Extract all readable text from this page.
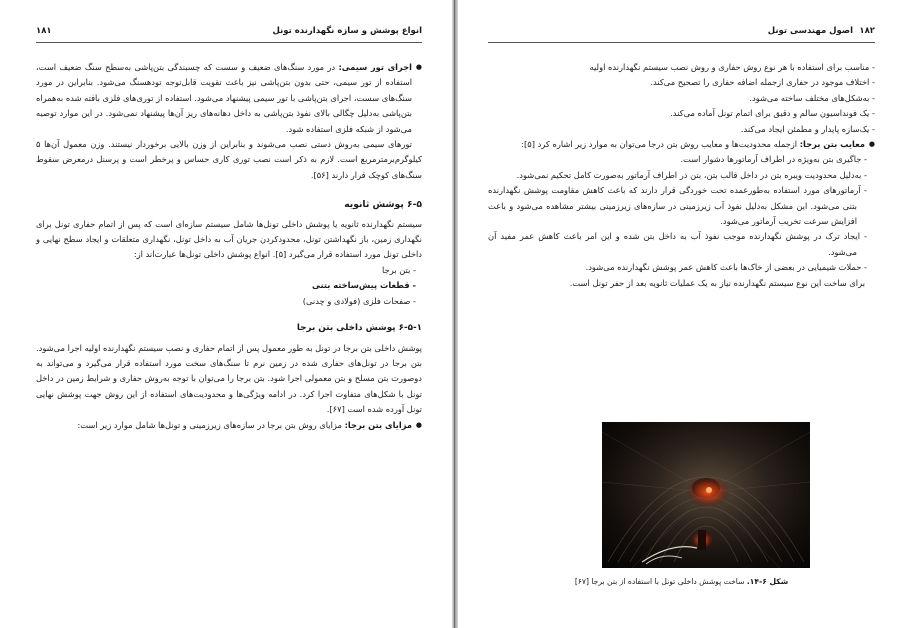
انواع پوشش و سازه نگهدارنده تونل
۱۸۱

● اجرای تور سیمی: در مورد سنگ‌های ضعیف و سست که چسبندگی بتن‌پاشی به‌سطح سنگ ضعیف است، استفاده از تور سیمی، حتی بدون بتن‌پاشی نیز باعث تقویت قابل‌توجه تودهسنگ می‌شود. بنابراین در مورد سنگ‌های سست، اجرای بتن‌پاشی با تور سیمی پیشنهاد می‌شود. استفاده از توری‌های فلزی بافته شده به‌همراه بتن‌پاشی به‌دلیل چگالی بالای نفوذ بتن‌پاشی به داخل دهانه‌های ریز آن‌ها پیشنهاد نمی‌شود. در این موارد توصیه می‌شود از شبکه فلزی استفاده شود.

تورهای سیمی به‌روش دستی نصب می‌شوند و بنابراین از وزن بالایی برخوردار نیستند. وزن معمول آن‌ها ۵ کیلوگرم‌بر‌مترمربع است. لازم به ذکر است نصب توری کاری حساس و پرخطر است و پرسنل درمعرض سقوط سنگ‌های کوچک قرار دارند [۵۶].

۶-۵ پوشش ثانویه

سیستم نگهدارنده ثانویه یا پوشش داخلی تونل‌ها شامل سیستم سازه‌ای است که پس از اتمام حفاری تونل برای نگهداری زمین، باز نگهداشتن تونل، محدودکردن جریان آب به داخل تونل، نگهداری متعلقات و ایجاد سطح نهایی و داخلی تونل مورد استفاده قرار می‌گیرد [۵]. انواع پوشش داخلی تونل‌ها عبارت‌اند از:

- بتن برجا

- قطعات پیش‌ساخته بتنی

- صفحات فلزی (فولادی و چدنی)

۶-۵-۱ پوشش داخلی بتن برجا

پوشش داخلی بتن برجا در تونل به طور معمول پس از اتمام حفاری و نصب سیستم نگهدارنده اولیه اجرا می‌شود. بتن برجا در تونل‌های حفاری شده در زمین نرم تا سنگ‌های سخت مورد استفاده قرار می‌گیرد و می‌تواند به دوصورت بتن مسلح و بتن معمولی اجرا شود. بتن برجا را می‌توان با توجه به‌روش حفاری و شرایط زمین در داخل تونل با شکل‌های متفاوت اجرا کرد. در ادامه ویژگی‌ها و محدودیت‌های استفاده از این روش جهت پوشش نهایی تونل آورده شده است [۶۷].

● مزایای بتن برجا: مزایای روش بتن برجا در سازه‌های زیرزمینی و تونل‌ها شامل موارد زیر است:

۱۸۲
اصول مهندسی تونل

- مناسب برای استفاده با هر نوع روش حفاری و روش نصب سیستم نگهدارنده اولیه

- اختلاف موجود در حفاری ازجمله اضافه حفاری را تصحیح می‌کند.

- به‌شکل‌های مختلف ساخته می‌شود.

- یک فونداسیون سالم و دقیق برای اتمام تونل آماده می‌کند.

- یک‌سازه پایدار و مطمئن ایجاد می‌کند.

● معایب بتن برجا: ازجمله محدودیت‌ها و معایب روش بتن درجا می‌توان به موارد زیر اشاره کرد [۵]:

- جاگیری بتن به‌ویژه در اطراف آرماتورها دشوار است.

- به‌دلیل محدودیت ویبره بتن در داخل قالب بتن، بتن در اطراف آرماتور به‌صورت کامل تحکیم نمی‌شود.

- آرماتورهای مورد استفاده به‌طورعمده تحت خوردگی قرار دارند که باعث کاهش مقاومت پوشش نگهدارنده بتنی می‌شود. این مشکل به‌دلیل نفوذ آب زیرزمینی در سازه‌های زیرزمینی بیشتر مشاهده می‌شود و باعث افزایش سرعت تخریب آرماتور می‌شود.

- ایجاد ترک در پوشش نگهدارنده موجب نفوذ آب به داخل بتن شده و این امر باعث کاهش عمر مفید آن می‌شود.

- حملات شیمیایی در بعضی از خاک‌ها باعث کاهش عمر پوشش نگهدارنده می‌شود.

برای ساخت این نوع سیستم نگهدارنده نیاز به یک عملیات ثانویه بعد از حفر تونل است.

شکل ۶-۱۴. ساخت پوشش داخلی تونل با استفاده از بتن برجا [۶۷]
